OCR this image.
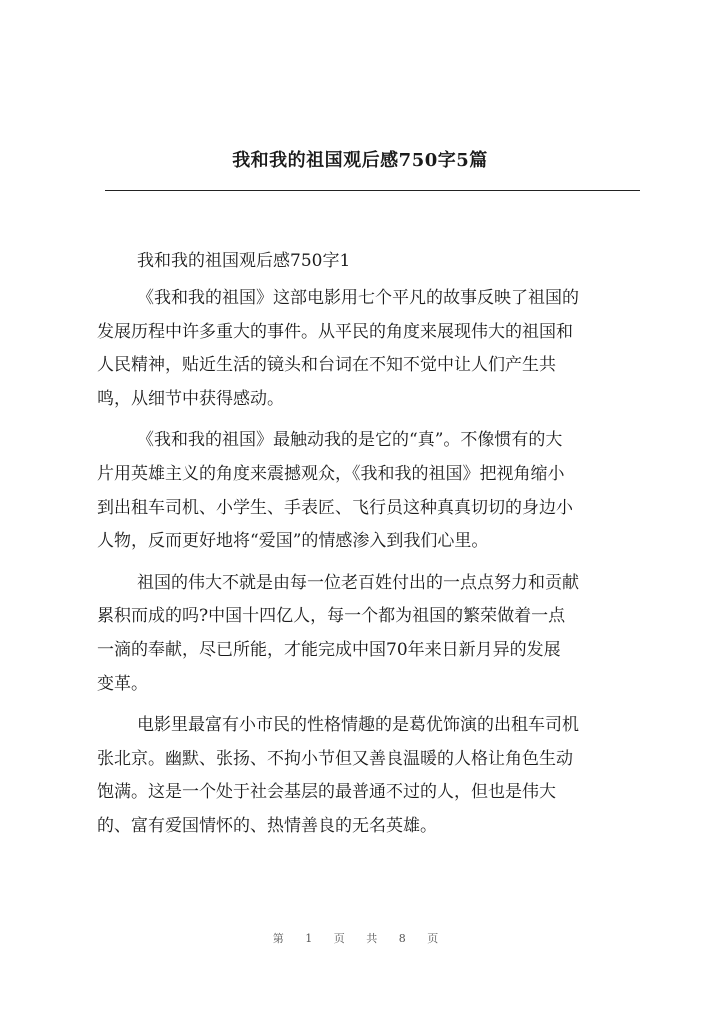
我和我的祖国观后感750字5篇
我和我的祖国观后感750字1
《我和我的祖国》这部电影用七个平凡的故事反映了祖国的
发展历程中许多重大的事件。从平民的角度来展现伟大的祖国和
人民精神，贴近生活的镜头和台词在不知不觉中让人们产生共
鸣，从细节中获得感动。
《我和我的祖国》最触动我的是它的“真”。不像惯有的大
片用英雄主义的角度来震撼观众，《我和我的祖国》把视角缩小
到出租车司机、小学生、手表匠、飞行员这种真真切切的身边小
人物，反而更好地将“爱国”的情感渗入到我们心里。
祖国的伟大不就是由每一位老百姓付出的一点点努力和贡献
累积而成的吗?中国十四亿人，每一个都为祖国的繁荣做着一点
一滴的奉献，尽已所能，才能完成中国70年来日新月异的发展
变革。
电影里最富有小市民的性格情趣的是葛优饰演的出租车司机
张北京。幽默、张扬、不拘小节但又善良温暖的人格让角色生动
饱满。这是一个处于社会基层的最普通不过的人，但也是伟大
的、富有爱国情怀的、热情善良的无名英雄。
第 1 页 共 8 页
